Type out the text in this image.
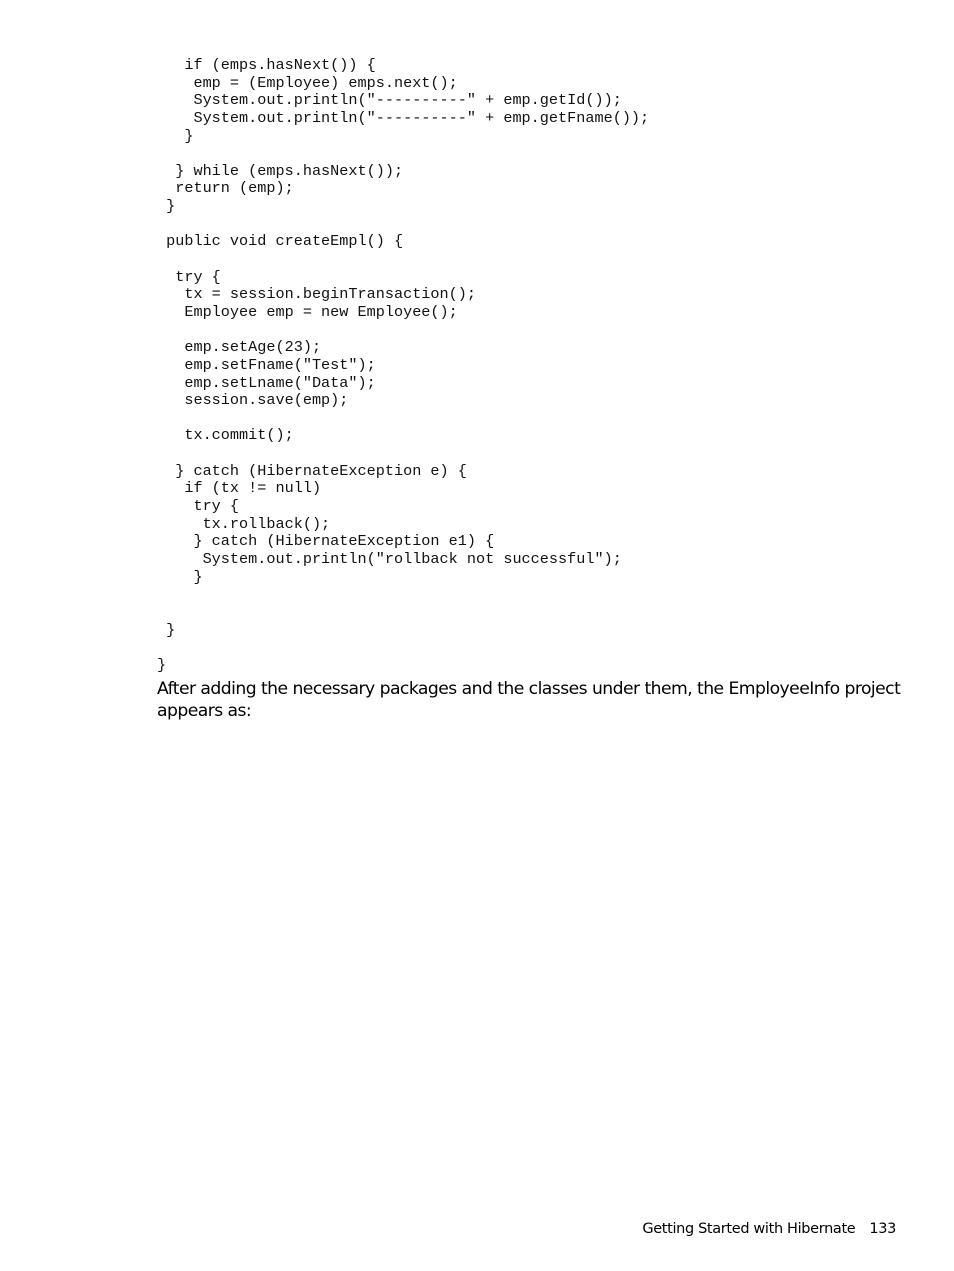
if (emps.hasNext()) {
emp = (Employee) emps.next();
System.out.println("----------" + emp.getId());
System.out.println("----------" + emp.getFname());
}
} while (emps.hasNext());
return (emp);
}
public void createEmpl() {
try {
tx = session.beginTransaction();
Employee emp = new Employee();
emp.setAge(23);
emp.setFname("Test");
emp.setLname("Data");
session.save(emp);
tx.commit();
} catch (HibernateException e) {
if (tx != null)
try {
tx.rollback();
} catch (HibernateException e1) {
System.out.println("rollback not successful");
}
}
}

After adding the necessary packages and the classes under them, the EmployeeInfo project appears as:

Getting Started with Hibernate 133
